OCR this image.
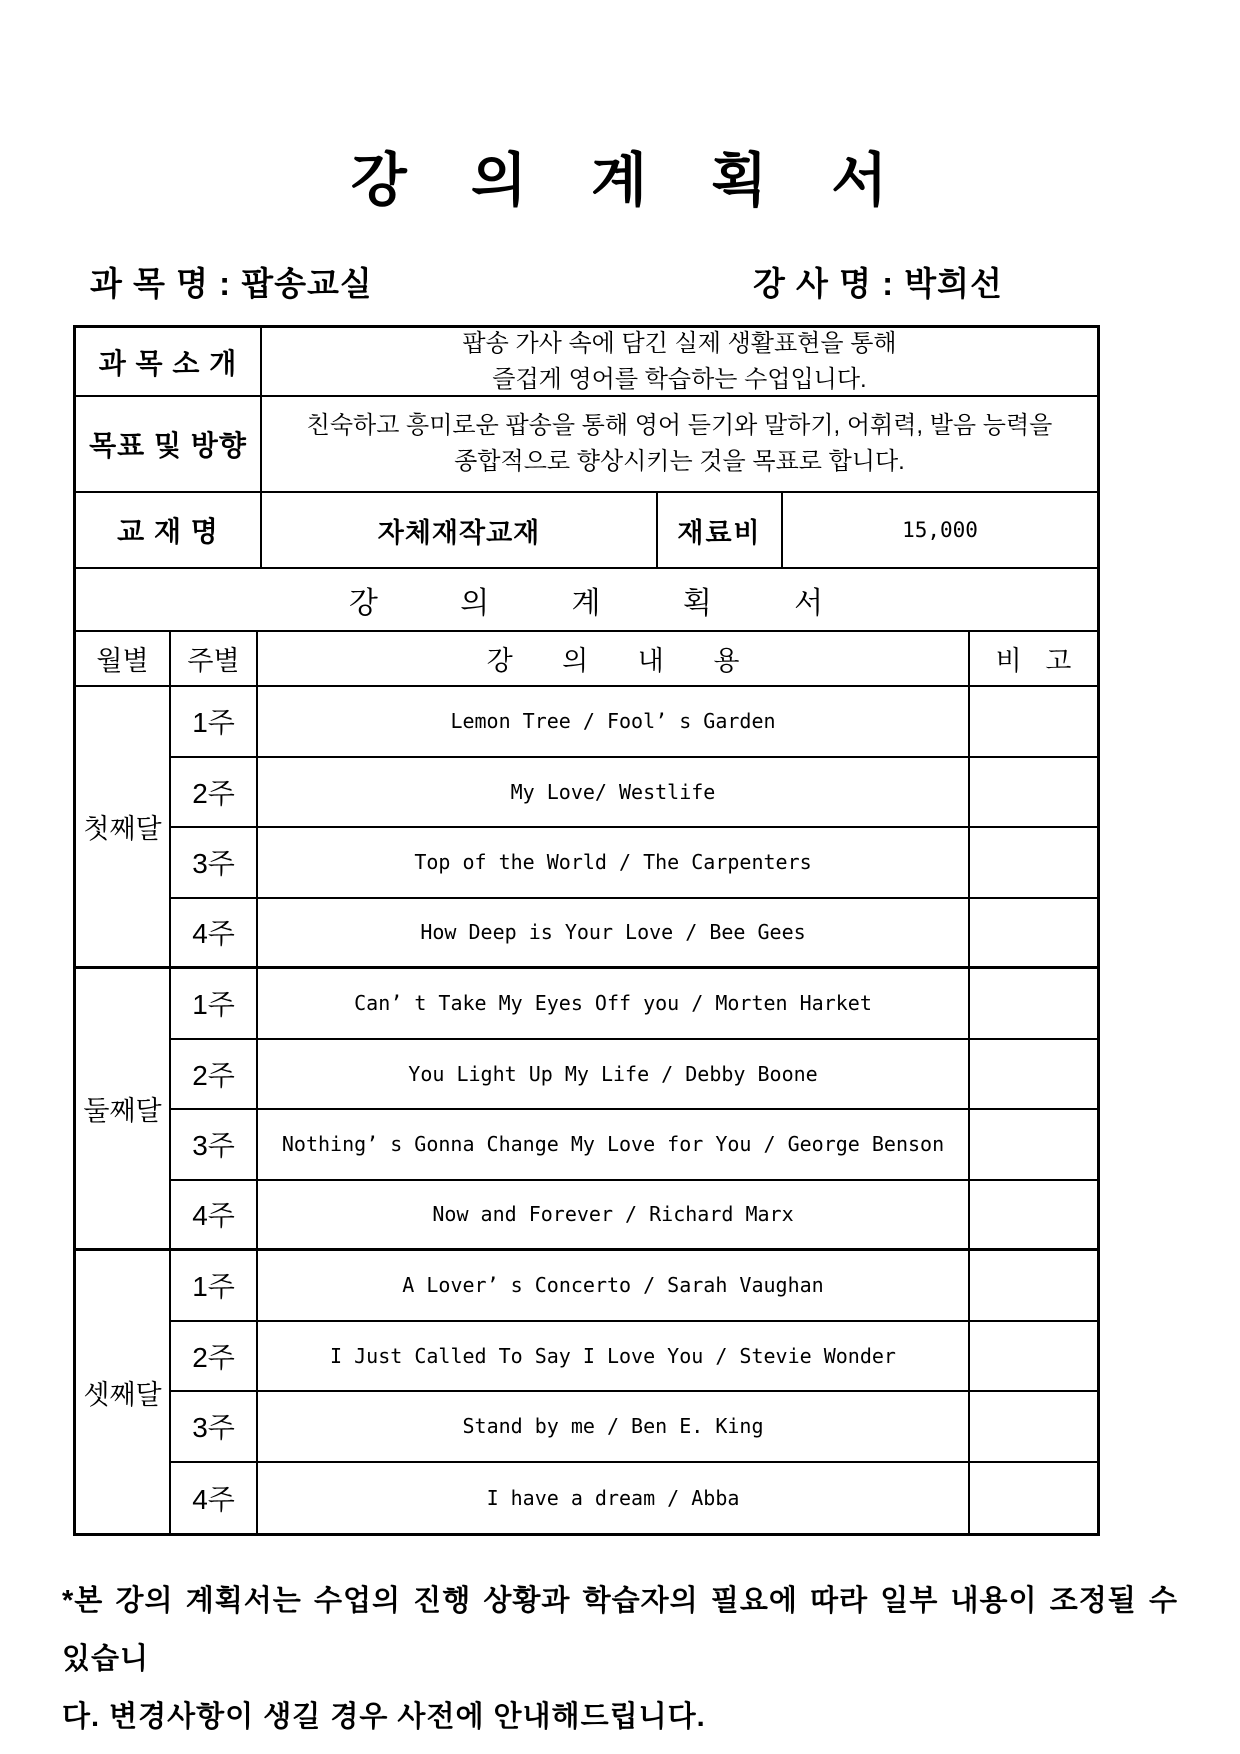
강 의 계 획 서
과 목 명 : 팝송교실	강 사 명 : 박희선
과 목 소 개
팝송 가사 속에 담긴 실제 생활표현을 통해
즐겁게 영어를 학습하는 수업입니다.
목표 및 방향
친숙하고 흥미로운 팝송을 통해 영어 듣기와 말하기, 어휘력, 발음 능력을
종합적으로 향상시키는 것을 목표로 합니다.
교 재 명	자체재작교재	재료비	15,000
강 의 계 획 서
월별	주별	강 의 내 용	비 고
첫째달
1주	Lemon Tree / Fool’ s Garden
2주	My Love/ Westlife
3주	Top of the World / The Carpenters
4주	How Deep is Your Love / Bee Gees
둘째달
1주	Can’ t Take My Eyes Off you / Morten Harket
2주	You Light Up My Life / Debby Boone
3주	Nothing’ s Gonna Change My Love for You / George Benson
4주	Now and Forever / Richard Marx
셋째달
1주	A Lover’ s Concerto / Sarah Vaughan
2주	I Just Called To Say I Love You / Stevie Wonder
3주	Stand by me / Ben E. King
4주	I have a dream / Abba
*본 강의 계획서는 수업의 진행 상황과 학습자의 필요에 따라 일부 내용이 조정될 수 있습니
다. 변경사항이 생길 경우 사전에 안내해드립니다.
